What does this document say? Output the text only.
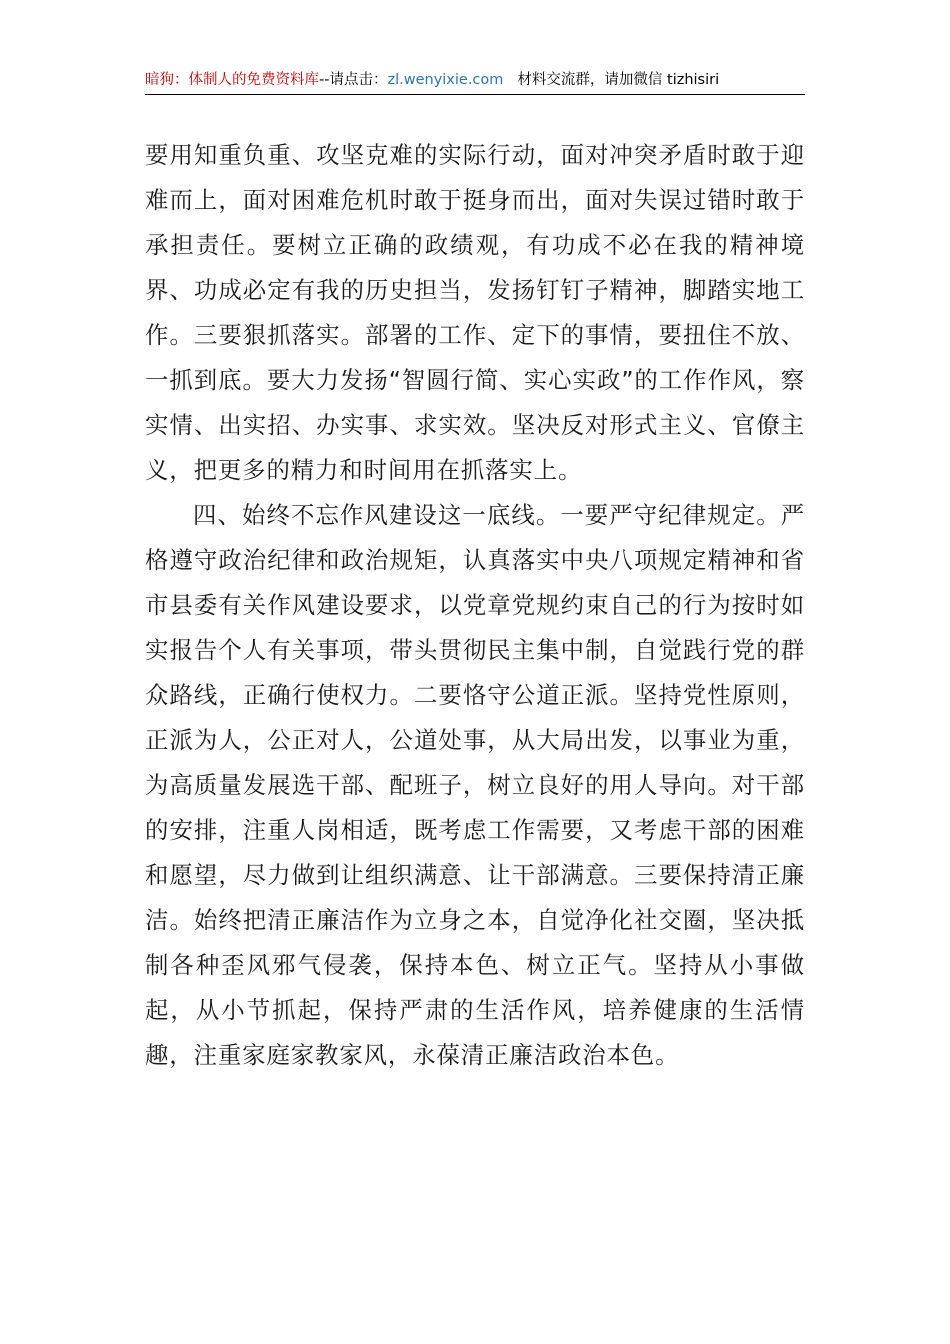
暗狗：体制人的免费资料库--请点击：zl.wenyixie.com 材料交流群，请加微信 tizhisiri

要用知重负重、攻坚克难的实际行动，面对冲突矛盾时敢于迎难而上，面对困难危机时敢于挺身而出，面对失误过错时敢于承担责任。要树立正确的政绩观，有功成不必在我的精神境界、功成必定有我的历史担当，发扬钉钉子精神，脚踏实地工作。三要狠抓落实。部署的工作、定下的事情，要扭住不放、一抓到底。要大力发扬“智圆行简、实心实政”的工作作风，察实情、出实招、办实事、求实效。坚决反对形式主义、官僚主义，把更多的精力和时间用在抓落实上。

四、始终不忘作风建设这一底线。一要严守纪律规定。严格遵守政治纪律和政治规矩，认真落实中央八项规定精神和省市县委有关作风建设要求，以党章党规约束自己的行为按时如实报告个人有关事项，带头贯彻民主集中制，自觉践行党的群众路线，正确行使权力。二要恪守公道正派。坚持党性原则，正派为人，公正对人，公道处事，从大局出发，以事业为重，为高质量发展选干部、配班子，树立良好的用人导向。对干部的安排，注重人岗相适，既考虑工作需要，又考虑干部的困难和愿望，尽力做到让组织满意、让干部满意。三要保持清正廉洁。始终把清正廉洁作为立身之本，自觉净化社交圈，坚决抵制各种歪风邪气侵袭，保持本色、树立正气。坚持从小事做起，从小节抓起，保持严肃的生活作风，培养健康的生活情趣，注重家庭家教家风，永葆清正廉洁政治本色。
